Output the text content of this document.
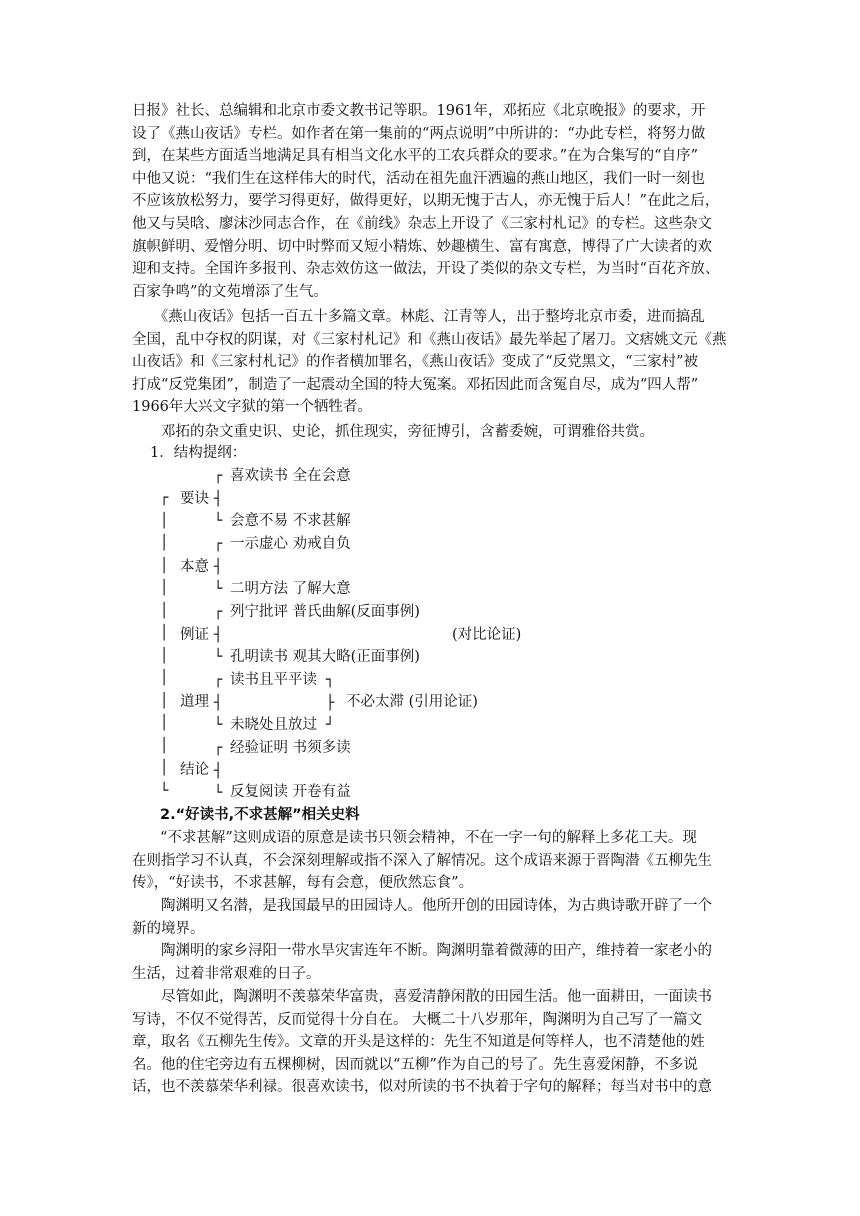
日报》社长、总编辑和北京市委文教书记等职。1961年，邓拓应《北京晚报》的要求，开
设了《燕山夜话》专栏。如作者在第一集前的“两点说明”中所讲的：“办此专栏，将努力做
到，在某些方面适当地满足具有相当文化水平的工农兵群众的要求。”在为合集写的“自序”
中他又说：“我们生在这样伟大的时代，活动在祖先血汗洒遍的燕山地区，我们一时一刻也
不应该放松努力，要学习得更好，做得更好，以期无愧于古人，亦无愧于后人！”在此之后，
他又与吴晗、廖沫沙同志合作，在《前线》杂志上开设了《三家村札记》的专栏。这些杂文
旗帜鲜明、爱憎分明、切中时弊而又短小精炼、妙趣横生、富有寓意，博得了广大读者的欢
迎和支持。全国许多报刊、杂志效仿这一做法，开设了类似的杂文专栏，为当时“百花齐放、
百家争鸣”的文苑增添了生气。
　　《燕山夜话》包括一百五十多篇文章。林彪、江青等人，出于整垮北京市委，进而搞乱
全国，乱中夺权的阴谋，对《三家村札记》和《燕山夜话》最先举起了屠刀。文痞姚文元《燕
山夜话》和《三家村札记》的作者横加罪名，《燕山夜话》变成了“反党黑文，“三家村”被
打成“反党集团”，制造了一起震动全国的特大冤案。邓拓因此而含冤自尽，成为“四人帮”
1966年大兴文字狱的第一个牺牲者。
　　邓拓的杂文重史识、史论，抓住现实，旁征博引，含蓄委婉，可谓雅俗共赏。
1．结构提纲：
┌
│
│
│
│
│
│
│
│
│
│
│
│
└
要诀
┌
┤
└
喜欢读书 全在会意
会意不易 不求甚解
本意
┌
┤
└
一示虚心 劝戒自负
二明方法 了解大意
例证
┌
┤
└
列宁批评 普氏曲解(反面事例)
(对比论证)
孔明读书 观其大略(正面事例)
道理
┌
┤
└
读书且平平读
未晓处且放过
┐
├
┘
不必太滞 (引用论证)
结论
┌
┤
└
经验证明 书须多读
反复阅读 开卷有益
2.“好读书,不求甚解”相关史料
“不求甚解”这则成语的原意是读书只领会精神，不在一字一句的解释上多花工夫。现
在则指学习不认真，不会深刻理解或指不深入了解情况。这个成语来源于晋陶潜《五柳先生
传》，“好读书，不求甚解，每有会意，便欣然忘食”。
　　陶渊明又名潜，是我国最早的田园诗人。他所开创的田园诗体，为古典诗歌开辟了一个
新的境界。
　　陶渊明的家乡浔阳一带水旱灾害连年不断。陶渊明靠着微薄的田产，维持着一家老小的
生活，过着非常艰难的日子。
　　尽管如此，陶渊明不羡慕荣华富贵，喜爱清静闲散的田园生活。他一面耕田，一面读书
写诗，不仅不觉得苦，反而觉得十分自在。 大概二十八岁那年，陶渊明为自己写了一篇文
章，取名《五柳先生传》。文章的开头是这样的：先生不知道是何等样人，也不清楚他的姓
名。他的住宅旁边有五棵柳树，因而就以“五柳”作为自己的号了。先生喜爱闲静，不多说
话，也不羡慕荣华利禄。很喜欢读书，似对所读的书不执着于字句的解释；每当对书中的意
